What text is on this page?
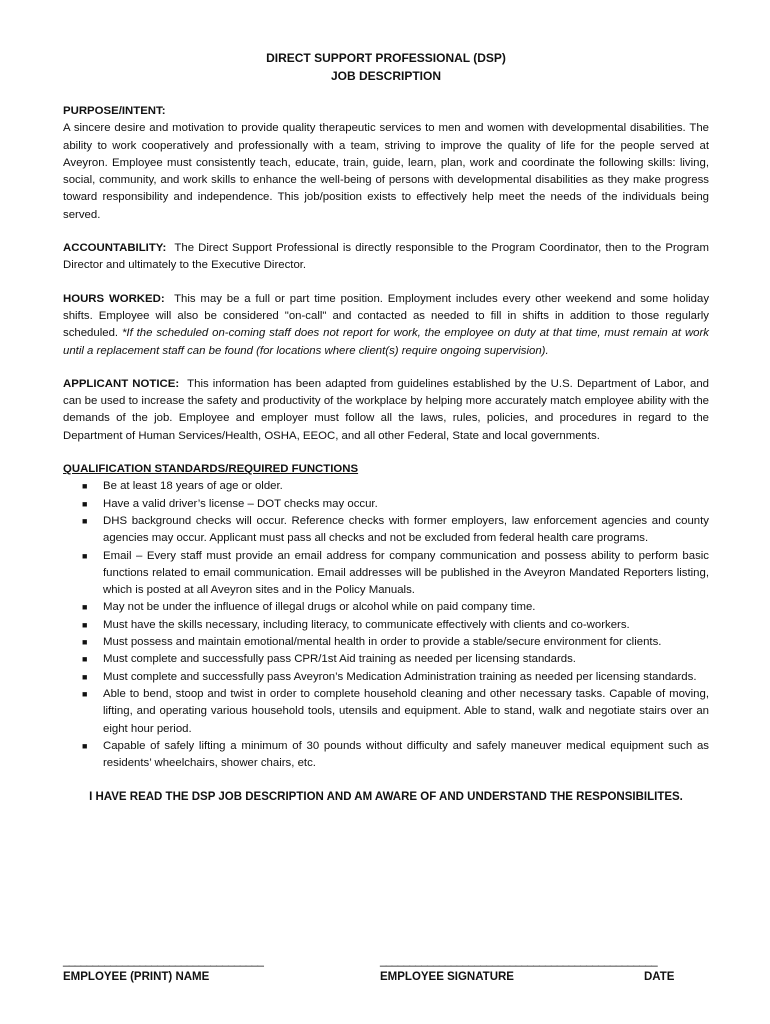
DIRECT SUPPORT PROFESSIONAL (DSP)
JOB DESCRIPTION
PURPOSE/INTENT:

A sincere desire and motivation to provide quality therapeutic services to men and women with developmental disabilities. The ability to work cooperatively and professionally with a team, striving to improve the quality of life for the people served at Aveyron. Employee must consistently teach, educate, train, guide, learn, plan, work and coordinate the following skills: living, social, community, and work skills to enhance the well-being of persons with developmental disabilities as they make progress toward responsibility and independence. This job/position exists to effectively help meet the needs of the individuals being served.

ACCOUNTABILITY: The Direct Support Professional is directly responsible to the Program Coordinator, then to the Program Director and ultimately to the Executive Director.

HOURS WORKED: This may be a full or part time position. Employment includes every other weekend and some holiday shifts. Employee will also be considered "on-call" and contacted as needed to fill in shifts in addition to those regularly scheduled. *If the scheduled on-coming staff does not report for work, the employee on duty at that time, must remain at work until a replacement staff can be found (for locations where client(s) require ongoing supervision).

APPLICANT NOTICE: This information has been adapted from guidelines established by the U.S. Department of Labor, and can be used to increase the safety and productivity of the workplace by helping more accurately match employee ability with the demands of the job. Employee and employer must follow all the laws, rules, policies, and procedures in regard to the Department of Human Services/Health, OSHA, EEOC, and all other Federal, State and local governments.

QUALIFICATION STANDARDS/REQUIRED FUNCTIONS
■ Be at least 18 years of age or older.
■ Have a valid driver’s license – DOT checks may occur.
■ DHS background checks will occur. Reference checks with former employers, law enforcement agencies and county agencies may occur. Applicant must pass all checks and not be excluded from federal health care programs.
■ Email – Every staff must provide an email address for company communication and possess ability to perform basic functions related to email communication. Email addresses will be published in the Aveyron Mandated Reporters listing, which is posted at all Aveyron sites and in the Policy Manuals.
■ May not be under the influence of illegal drugs or alcohol while on paid company time.
■ Must have the skills necessary, including literacy, to communicate effectively with clients and co-workers.
■ Must possess and maintain emotional/mental health in order to provide a stable/secure environment for clients.
■ Must complete and successfully pass CPR/1st Aid training as needed per licensing standards.
■ Must complete and successfully pass Aveyron’s Medication Administration training as needed per licensing standards.
■ Able to bend, stoop and twist in order to complete household cleaning and other necessary tasks. Capable of moving, lifting, and operating various household tools, utensils and equipment. Able to stand, walk and negotiate stairs over an eight hour period.
■ Capable of safely lifting a minimum of 30 pounds without difficulty and safely maneuver medical equipment such as residents’ wheelchairs, shower chairs, etc.
I HAVE READ THE DSP JOB DESCRIPTION AND AM AWARE OF AND UNDERSTAND THE RESPONSIBILITES.
__________________________________
EMPLOYEE (PRINT) NAME
_______________________________________________
EMPLOYEE SIGNATURE	DATE
